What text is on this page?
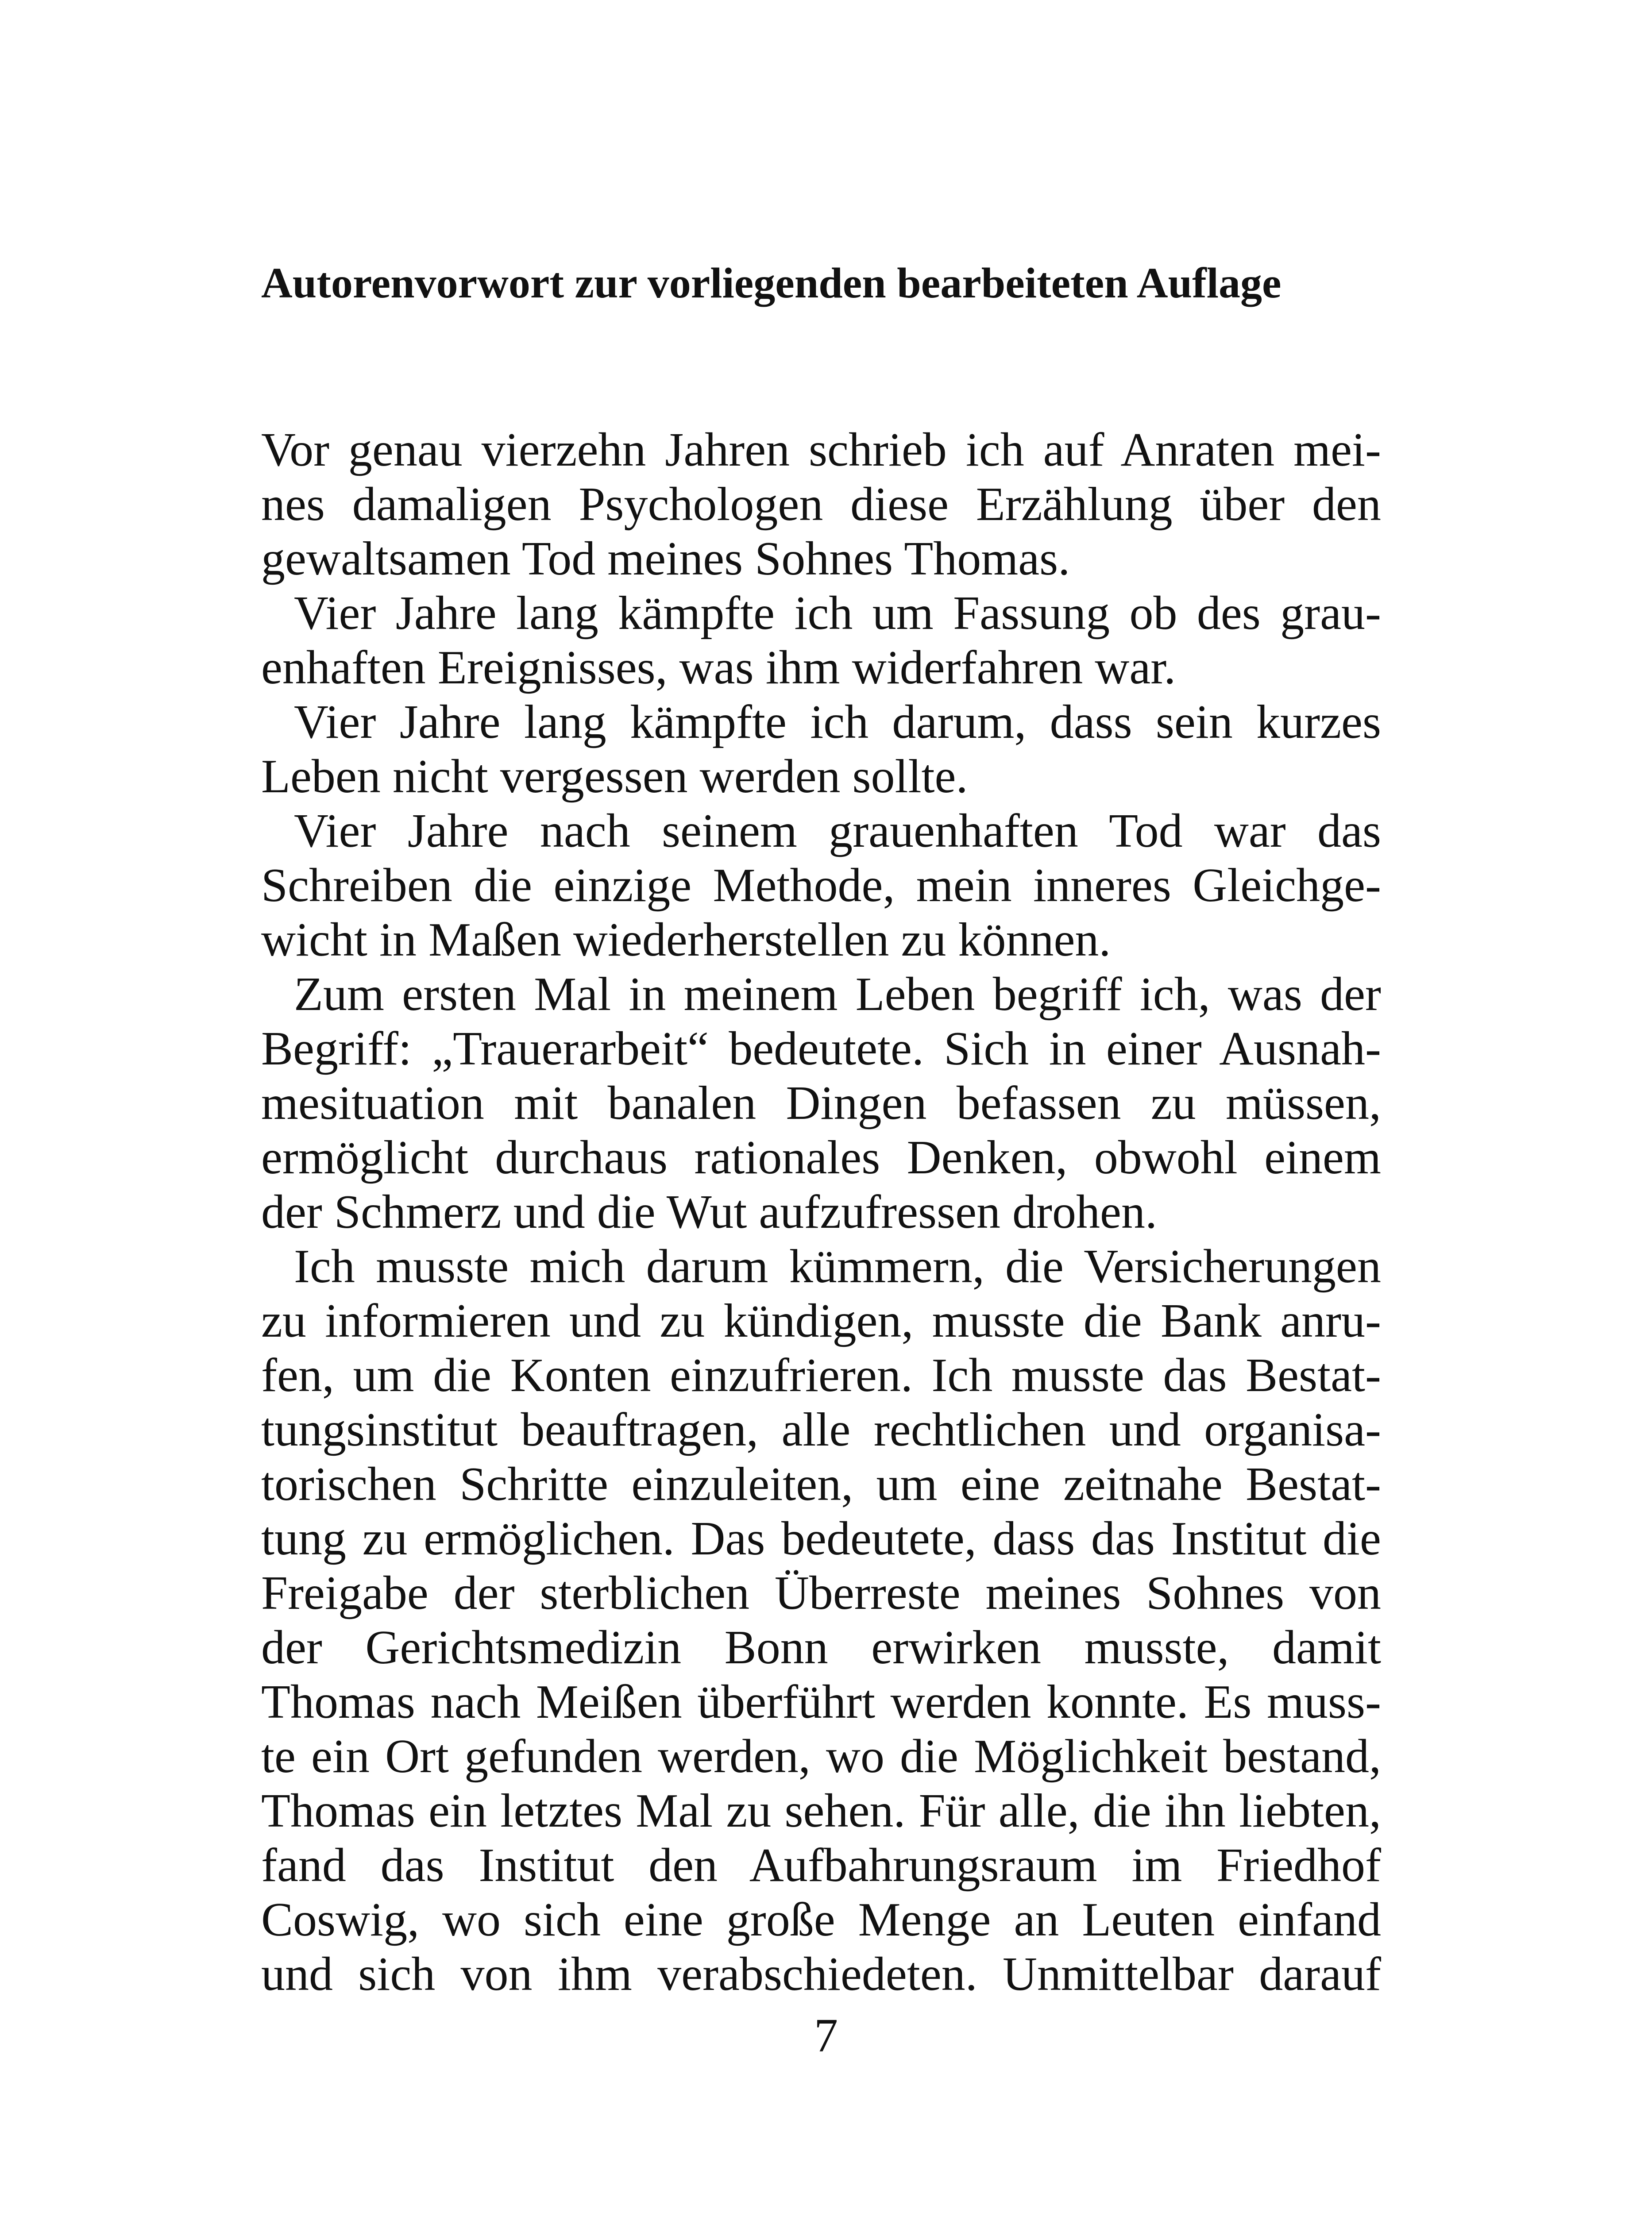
Autorenvorwort zur vorliegenden bearbeiteten Auflage
Vor genau vierzehn Jahren schrieb ich auf Anraten mei-
nes damaligen Psychologen diese Erzählung über den
gewaltsamen Tod meines Sohnes Thomas.
Vier Jahre lang kämpfte ich um Fassung ob des grau-
enhaften Ereignisses, was ihm widerfahren war.
Vier Jahre lang kämpfte ich darum, dass sein kurzes
Leben nicht vergessen werden sollte.
Vier Jahre nach seinem grauenhaften Tod war das
Schreiben die einzige Methode, mein inneres Gleichge-
wicht in Maßen wiederherstellen zu können.
Zum ersten Mal in meinem Leben begriff ich, was der
Begriff: „Trauerarbeit“ bedeutete. Sich in einer Ausnah-
mesituation mit banalen Dingen befassen zu müssen,
ermöglicht durchaus rationales Denken, obwohl einem
der Schmerz und die Wut aufzufressen drohen.
Ich musste mich darum kümmern, die Versicherungen
zu informieren und zu kündigen, musste die Bank anru-
fen, um die Konten einzufrieren. Ich musste das Bestat-
tungsinstitut beauftragen, alle rechtlichen und organisa-
torischen Schritte einzuleiten, um eine zeitnahe Bestat-
tung zu ermöglichen. Das bedeutete, dass das Institut die
Freigabe der sterblichen Überreste meines Sohnes von
der Gerichtsmedizin Bonn erwirken musste, damit
Thomas nach Meißen überführt werden konnte. Es muss-
te ein Ort gefunden werden, wo die Möglichkeit bestand,
Thomas ein letztes Mal zu sehen. Für alle, die ihn liebten,
fand das Institut den Aufbahrungsraum im Friedhof
Coswig, wo sich eine große Menge an Leuten einfand
und sich von ihm verabschiedeten. Unmittelbar darauf

7
